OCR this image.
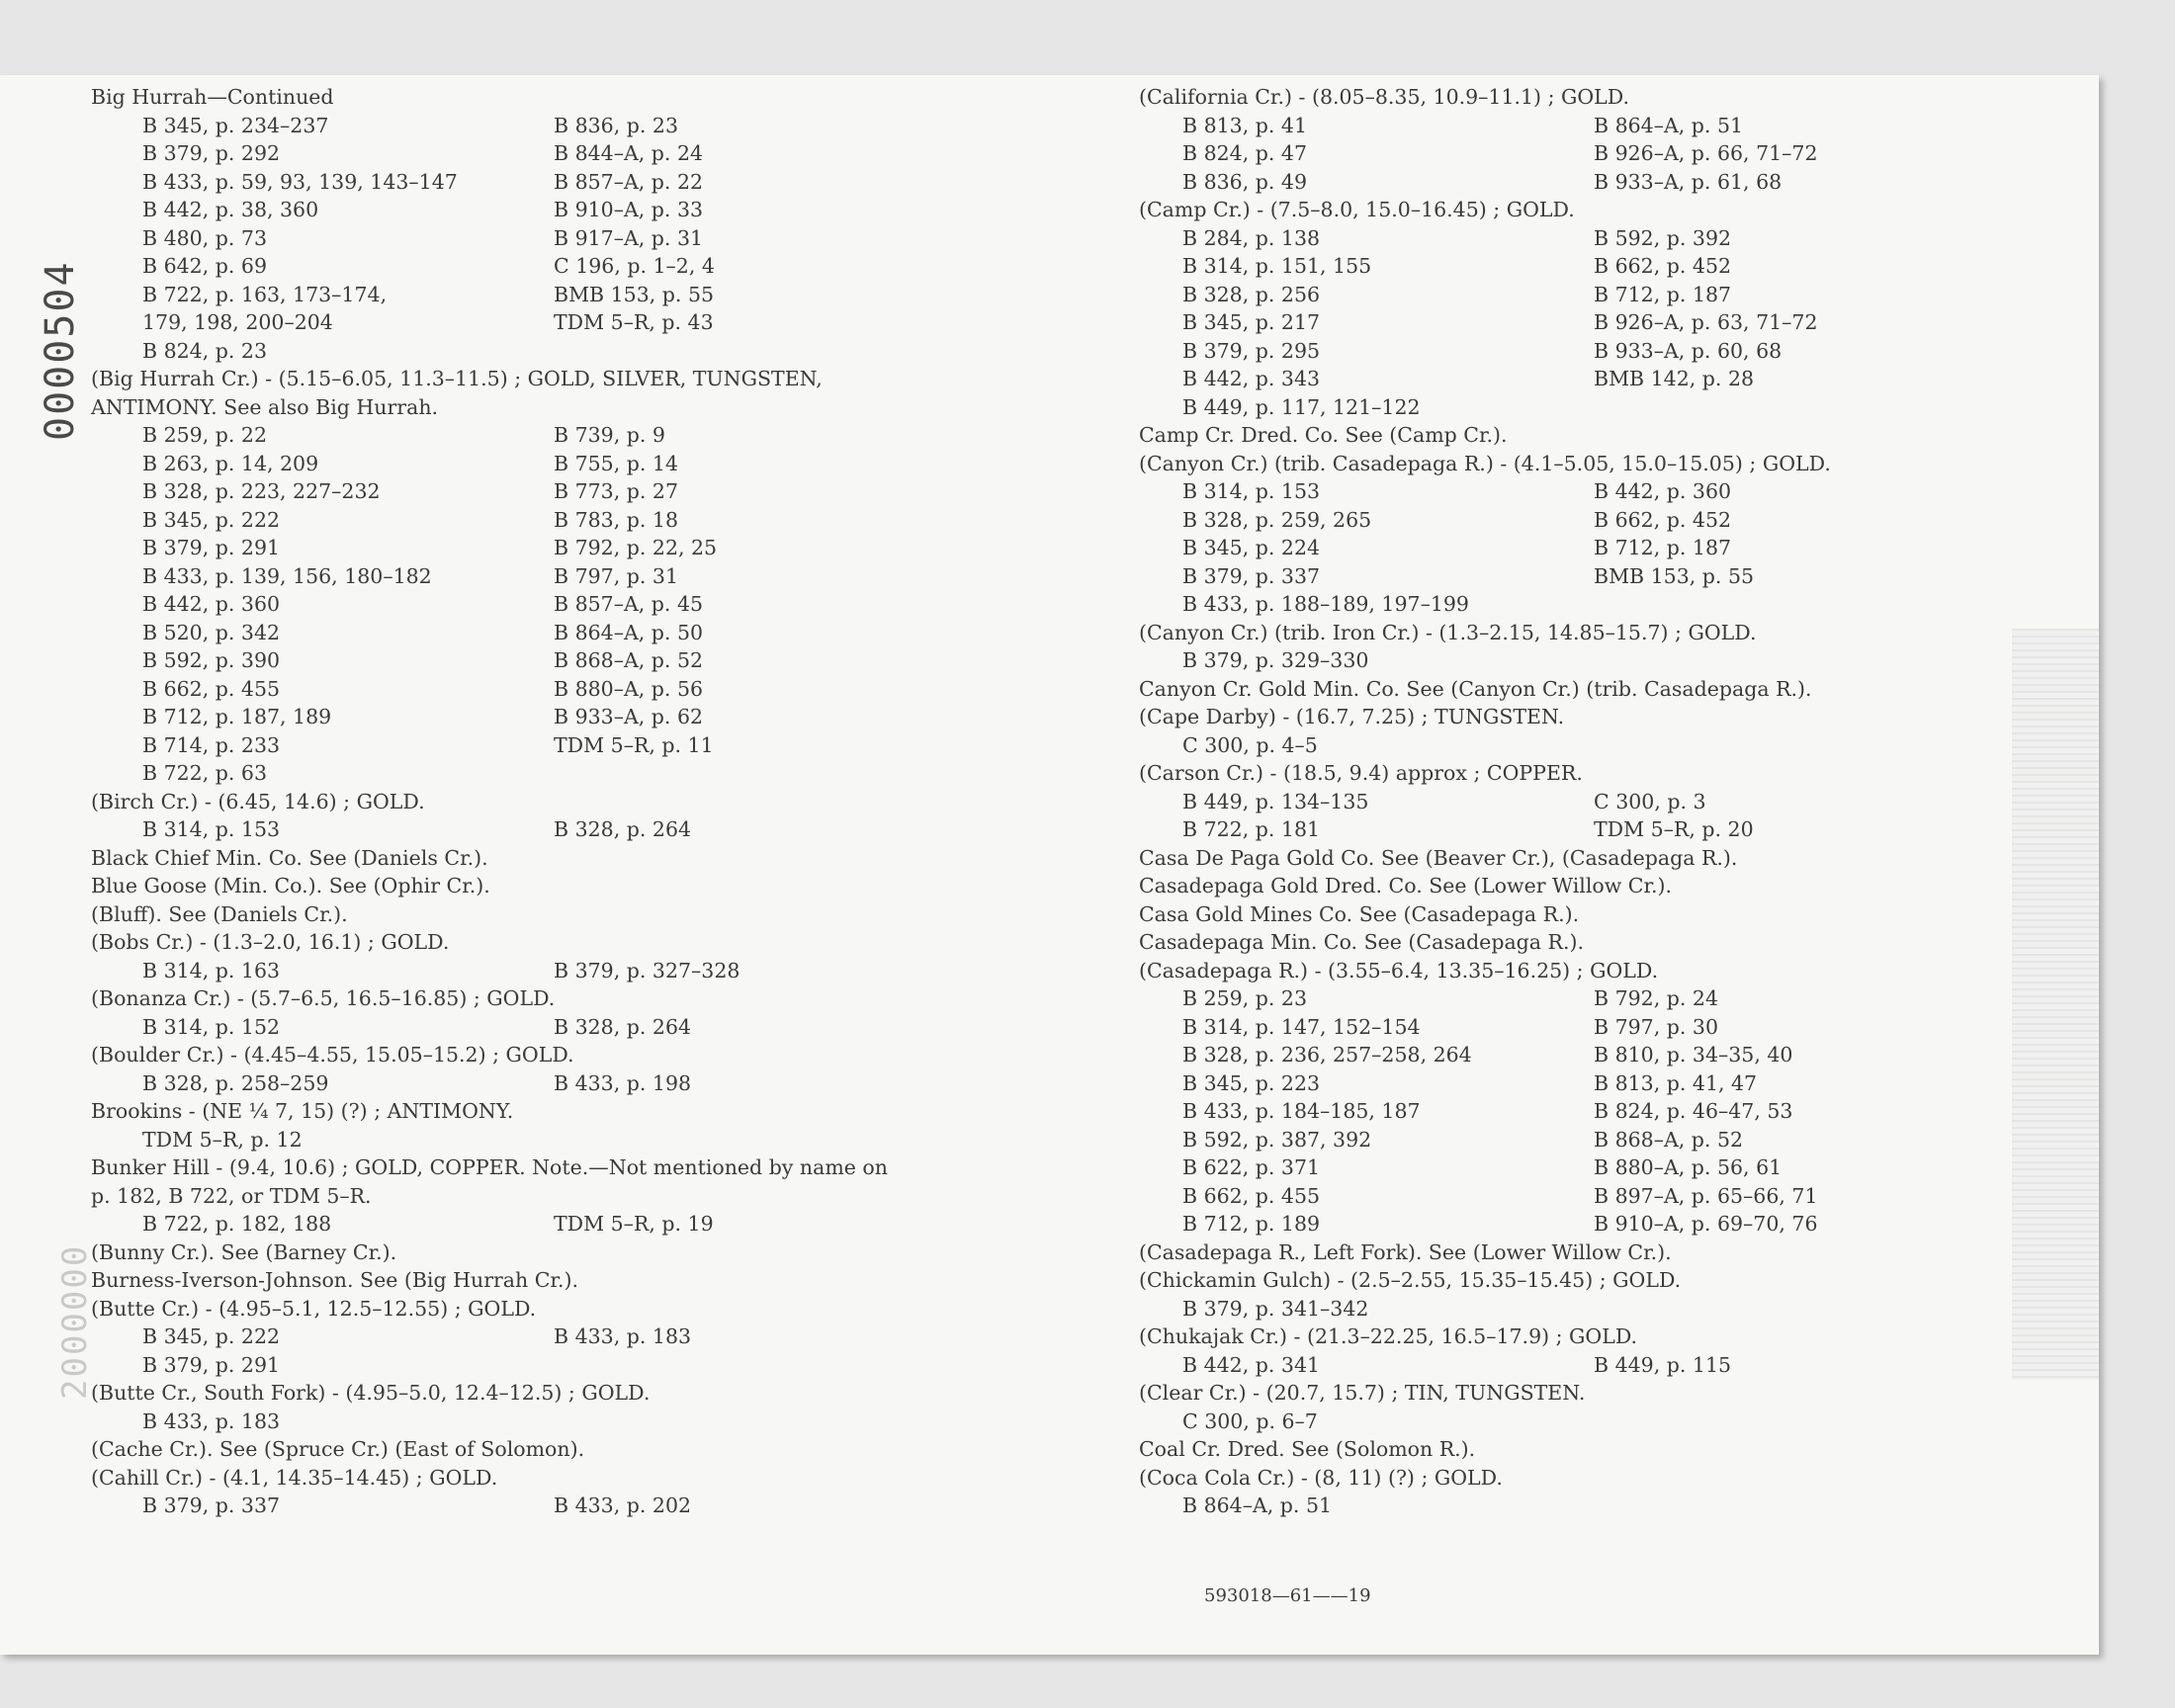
0000504
2000000
Big Hurrah—Continued
B 345, p. 234–237	B 836, p. 23
B 379, p. 292	B 844–A, p. 24
B 433, p. 59, 93, 139, 143–147	B 857–A, p. 22
B 442, p. 38, 360	B 910–A, p. 33
B 480, p. 73	B 917–A, p. 31
B 642, p. 69	C 196, p. 1–2, 4
B 722, p. 163, 173–174,	BMB 153, p. 55
179, 198, 200–204	TDM 5–R, p. 43
B 824, p. 23
(Big Hurrah Cr.) - (5.15–6.05, 11.3–11.5) ; GOLD, SILVER, TUNGSTEN,
ANTIMONY. See also Big Hurrah.
B 259, p. 22	B 739, p. 9
B 263, p. 14, 209	B 755, p. 14
B 328, p. 223, 227–232	B 773, p. 27
B 345, p. 222	B 783, p. 18
B 379, p. 291	B 792, p. 22, 25
B 433, p. 139, 156, 180–182	B 797, p. 31
B 442, p. 360	B 857–A, p. 45
B 520, p. 342	B 864–A, p. 50
B 592, p. 390	B 868–A, p. 52
B 662, p. 455	B 880–A, p. 56
B 712, p. 187, 189	B 933–A, p. 62
B 714, p. 233	TDM 5–R, p. 11
B 722, p. 63
(Birch Cr.) - (6.45, 14.6) ; GOLD.
B 314, p. 153	B 328, p. 264
Black Chief Min. Co. See (Daniels Cr.).
Blue Goose (Min. Co.). See (Ophir Cr.).
(Bluff). See (Daniels Cr.).
(Bobs Cr.) - (1.3–2.0, 16.1) ; GOLD.
B 314, p. 163	B 379, p. 327–328
(Bonanza Cr.) - (5.7–6.5, 16.5–16.85) ; GOLD.
B 314, p. 152	B 328, p. 264
(Boulder Cr.) - (4.45–4.55, 15.05–15.2) ; GOLD.
B 328, p. 258–259	B 433, p. 198
Brookins - (NE ¼ 7, 15) (?) ; ANTIMONY.
TDM 5–R, p. 12
Bunker Hill - (9.4, 10.6) ; GOLD, COPPER. Note.—Not mentioned by name on
p. 182, B 722, or TDM 5–R.
B 722, p. 182, 188	TDM 5–R, p. 19
(Bunny Cr.). See (Barney Cr.).
Burness-Iverson-Johnson. See (Big Hurrah Cr.).
(Butte Cr.) - (4.95–5.1, 12.5–12.55) ; GOLD.
B 345, p. 222	B 433, p. 183
B 379, p. 291
(Butte Cr., South Fork) - (4.95–5.0, 12.4–12.5) ; GOLD.
B 433, p. 183
(Cache Cr.). See (Spruce Cr.) (East of Solomon).
(Cahill Cr.) - (4.1, 14.35–14.45) ; GOLD.
B 379, p. 337	B 433, p. 202
(California Cr.) - (8.05–8.35, 10.9–11.1) ; GOLD.
B 813, p. 41	B 864–A, p. 51
B 824, p. 47	B 926–A, p. 66, 71–72
B 836, p. 49	B 933–A, p. 61, 68
(Camp Cr.) - (7.5–8.0, 15.0–16.45) ; GOLD.
B 284, p. 138	B 592, p. 392
B 314, p. 151, 155	B 662, p. 452
B 328, p. 256	B 712, p. 187
B 345, p. 217	B 926–A, p. 63, 71–72
B 379, p. 295	B 933–A, p. 60, 68
B 442, p. 343	BMB 142, p. 28
B 449, p. 117, 121–122
Camp Cr. Dred. Co. See (Camp Cr.).
(Canyon Cr.) (trib. Casadepaga R.) - (4.1–5.05, 15.0–15.05) ; GOLD.
B 314, p. 153	B 442, p. 360
B 328, p. 259, 265	B 662, p. 452
B 345, p. 224	B 712, p. 187
B 379, p. 337	BMB 153, p. 55
B 433, p. 188–189, 197–199
(Canyon Cr.) (trib. Iron Cr.) - (1.3–2.15, 14.85–15.7) ; GOLD.
B 379, p. 329–330
Canyon Cr. Gold Min. Co. See (Canyon Cr.) (trib. Casadepaga R.).
(Cape Darby) - (16.7, 7.25) ; TUNGSTEN.
C 300, p. 4–5
(Carson Cr.) - (18.5, 9.4) approx ; COPPER.
B 449, p. 134–135	C 300, p. 3
B 722, p. 181	TDM 5–R, p. 20
Casa De Paga Gold Co. See (Beaver Cr.), (Casadepaga R.).
Casadepaga Gold Dred. Co. See (Lower Willow Cr.).
Casa Gold Mines Co. See (Casadepaga R.).
Casadepaga Min. Co. See (Casadepaga R.).
(Casadepaga R.) - (3.55–6.4, 13.35–16.25) ; GOLD.
B 259, p. 23	B 792, p. 24
B 314, p. 147, 152–154	B 797, p. 30
B 328, p. 236, 257–258, 264	B 810, p. 34–35, 40
B 345, p. 223	B 813, p. 41, 47
B 433, p. 184–185, 187	B 824, p. 46–47, 53
B 592, p. 387, 392	B 868–A, p. 52
B 622, p. 371	B 880–A, p. 56, 61
B 662, p. 455	B 897–A, p. 65–66, 71
B 712, p. 189	B 910–A, p. 69–70, 76
(Casadepaga R., Left Fork). See (Lower Willow Cr.).
(Chickamin Gulch) - (2.5–2.55, 15.35–15.45) ; GOLD.
B 379, p. 341–342
(Chukajak Cr.) - (21.3–22.25, 16.5–17.9) ; GOLD.
B 442, p. 341	B 449, p. 115
(Clear Cr.) - (20.7, 15.7) ; TIN, TUNGSTEN.
C 300, p. 6–7
Coal Cr. Dred. See (Solomon R.).
(Coca Cola Cr.) - (8, 11) (?) ; GOLD.
B 864–A, p. 51
593018—61——19
